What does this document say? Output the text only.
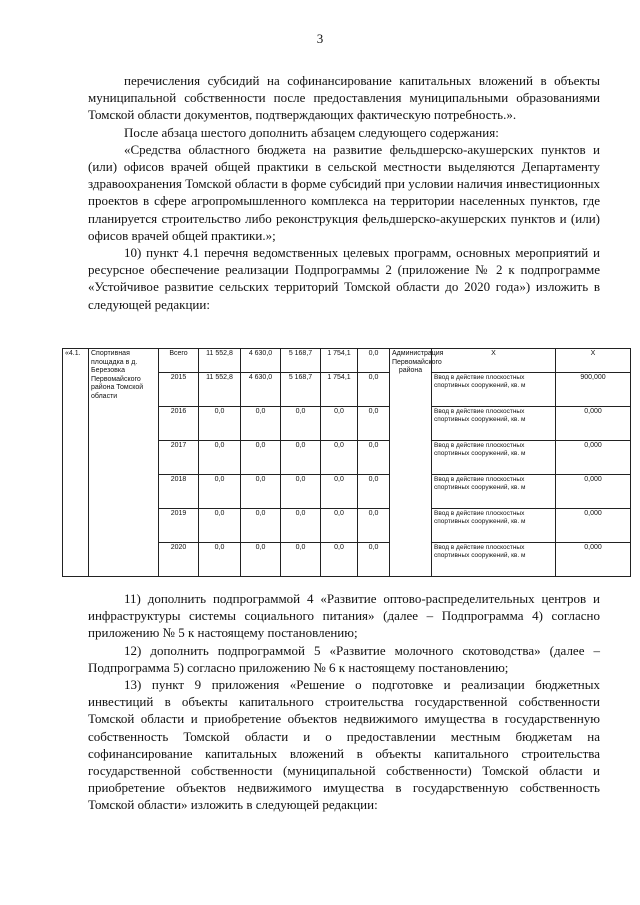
3

перечисления субсидий на софинансирование капитальных вложений в объекты муниципальной собственности после предоставления муниципальными образованиями Томской области документов, подтверждающих фактическую потребность.».

После абзаца шестого дополнить абзацем следующего содержания:

«Средства областного бюджета на развитие фельдшерско-акушерских пунктов и (или) офисов врачей общей практики в сельской местности выделяются Департаменту здравоохранения Томской области в форме субсидий при условии наличия инвестиционных проектов в сфере агропромышленного комплекса на территории населенных пунктов, где планируется строительство либо реконструкция фельдшерско-акушерских пунктов и (или) офисов врачей общей практики.»;

10) пункт 4.1 перечня ведомственных целевых программ, основных мероприятий и ресурсное обеспечение реализации Подпрограммы 2 (приложение № 2 к подпрограмме «Устойчивое развитие сельских территорий Томской области до 2020 года») изложить в следующей редакции:

«4.1.	Спортивная площадка в д. Березовка Первомайского района Томской области	Всего	11 552,8	4 630,0	5 168,7	1 754,1	0,0	Администрация Первомайского района	X	X
		2015	11 552,8	4 630,0	5 168,7	1 754,1	0,0		Ввод в действие плоскостных спортивных сооружений, кв. м	900,000
		2016	0,0	0,0	0,0	0,0	0,0		Ввод в действие плоскостных спортивных сооружений, кв. м	0,000
		2017	0,0	0,0	0,0	0,0	0,0		Ввод в действие плоскостных спортивных сооружений, кв. м	0,000
		2018	0,0	0,0	0,0	0,0	0,0		Ввод в действие плоскостных спортивных сооружений, кв. м	0,000
		2019	0,0	0,0	0,0	0,0	0,0		Ввод в действие плоскостных спортивных сооружений, кв. м	0,000
		2020	0,0	0,0	0,0	0,0	0,0		Ввод в действие плоскостных спортивных сооружений, кв. м	0,000

11) дополнить подпрограммой 4 «Развитие оптово-распределительных центров и инфраструктуры системы социального питания» (далее – Подпрограмма 4) согласно приложению № 5 к настоящему постановлению;

12) дополнить подпрограммой 5 «Развитие молочного скотоводства» (далее – Подпрограмма 5) согласно приложению № 6 к настоящему постановлению;

13) пункт 9 приложения «Решение о подготовке и реализации бюджетных инвестиций в объекты капитального строительства государственной собственности Томской области и приобретение объектов недвижимого имущества в государственную собственность Томской области и о предоставлении местным бюджетам на софинансирование капитальных вложений в объекты капитального строительства государственной собственности (муниципальной собственности) Томской области и приобретение объектов недвижимого имущества в государственную собственность Томской области» изложить в следующей редакции:
